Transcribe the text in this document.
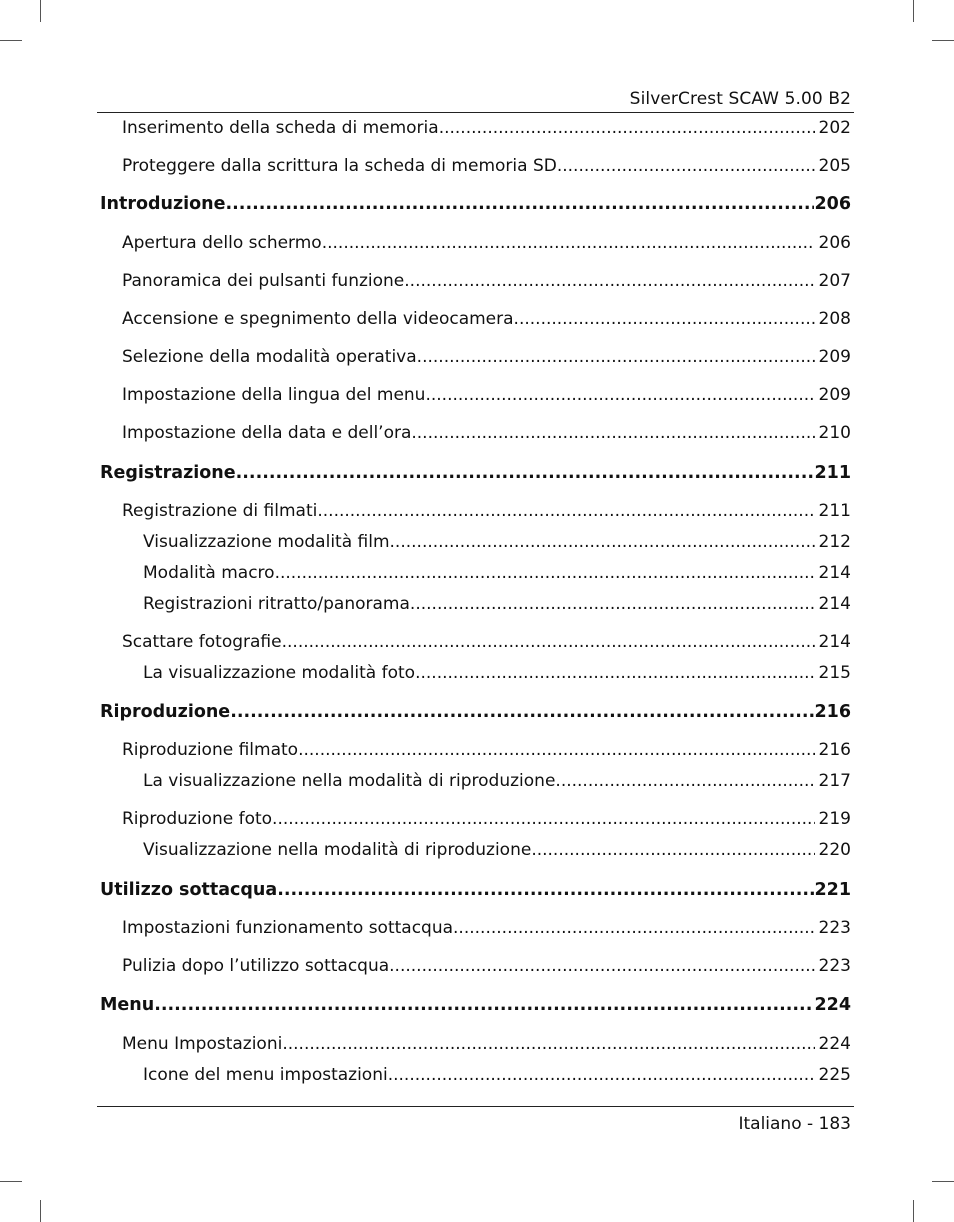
SilverCrest SCAW 5.00 B2
Inserimento della scheda di memoria .....	202
Proteggere dalla scrittura la scheda di memoria SD .....	205
Introduzione .....	206
Apertura dello schermo .....	206
Panoramica dei pulsanti funzione .....	207
Accensione e spegnimento della videocamera .....	208
Selezione della modalità operativa .....	209
Impostazione della lingua del menu .....	209
Impostazione della data e dell’ora .....	210
Registrazione .....	211
Registrazione di filmati .....	211
Visualizzazione modalità film .....	212
Modalità macro .....	214
Registrazioni ritratto/panorama .....	214
Scattare fotografie .....	214
La visualizzazione modalità foto .....	215
Riproduzione .....	216
Riproduzione filmato .....	216
La visualizzazione nella modalità di riproduzione. .....	217
Riproduzione foto .....	219
Visualizzazione nella modalità di riproduzione .....	220
Utilizzo sottacqua .....	221
Impostazioni funzionamento sottacqua .....	223
Pulizia dopo l’utilizzo sottacqua .....	223
Menu .....	224
Menu Impostazioni .....	224
Icone del menu impostazioni .....	225
Italiano - 183
